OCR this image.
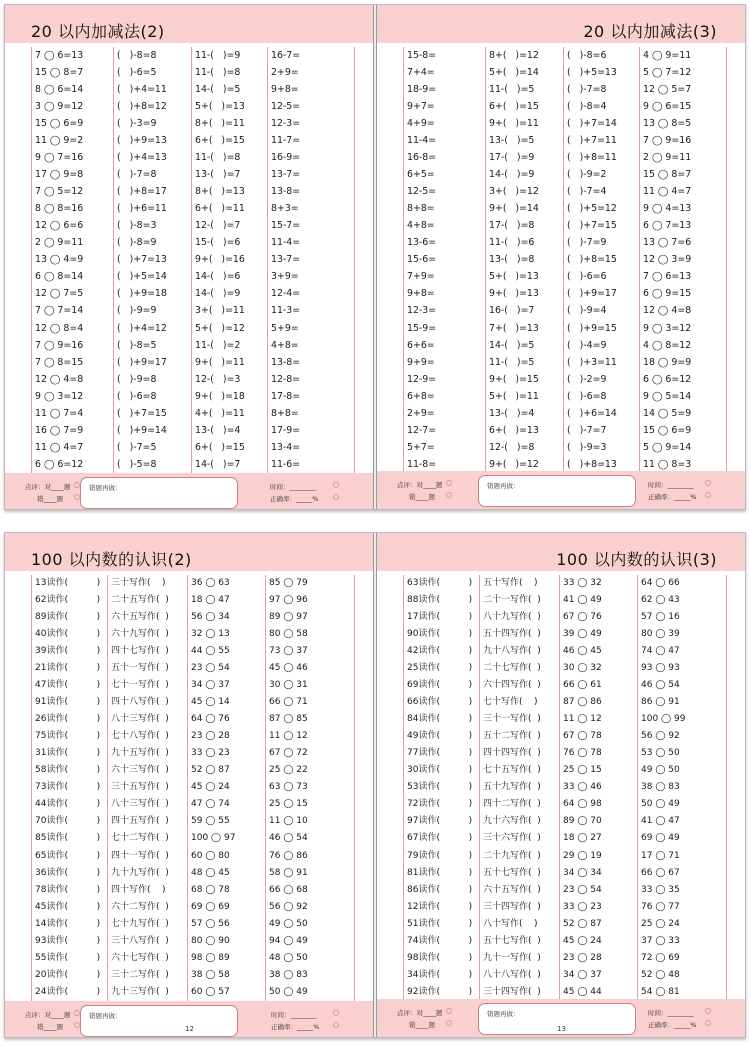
20 以内加减法(2)
7 ◯ 6=13
15 ◯ 8=7
8 ◯ 6=14
3 ◯ 9=12
15 ◯ 6=9
11 ◯ 9=2
9 ◯ 7=16
17 ◯ 9=8
7 ◯ 5=12
8 ◯ 8=16
12 ◯ 6=6
2 ◯ 9=11
13 ◯ 4=9
6 ◯ 8=14
12 ◯ 7=5
7 ◯ 7=14
12 ◯ 8=4
7 ◯ 9=16
7 ◯ 8=15
12 ◯ 4=8
9 ◯ 3=12
11 ◯ 7=4
16 ◯ 7=9
11 ◯ 4=7
6 ◯ 6=12
(   )-8=8
(   )-6=5
(   )+4=11
(   )+8=12
(   )-3=9
(   )+9=13
(   )+4=13
(   )-7=8
(   )+8=17
(   )+6=11
(   )-8=3
(   )-8=9
(   )+7=13
(   )+5=14
(   )+9=18
(   )-9=9
(   )+4=12
(   )-8=5
(   )+9=17
(   )-9=8
(   )-6=8
(   )+7=15
(   )+9=14
(   )-7=5
(   )-5=8
11-(   )=9
11-(   )=8
14-(   )=5
5+(   )=13
8+(   )=11
6+(   )=15
11-(   )=8
13-(   )=7
8+(   )=13
6+(   )=11
12-(   )=7
15-(   )=6
9+(   )=16
14-(   )=6
14-(   )=9
3+(   )=11
5+(   )=12
11-(   )=2
9+(   )=11
12-(   )=3
9+(   )=18
4+(   )=11
13-(   )=4
6+(   )=15
14-(   )=7
16-7=
2+9=
9+8=
12-5=
12-3=
11-7=
16-9=
13-7=
13-8=
8+3=
15-7=
11-4=
13-7=
3+9=
12-4=
11-3=
5+9=
4+8=
13-8=
12-8=
17-8=
8+8=
17-9=
13-4=
11-6=
点评：对____题
错____题
错题再做：	时间：________
正确率：_____%
20 以内加减法(3)
15-8=
7+4=
18-9=
9+7=
4+9=
11-4=
16-8=
6+5=
12-5=
8+8=
4+8=
13-6=
15-6=
7+9=
9+8=
12-3=
15-9=
6+6=
9+9=
12-9=
6+8=
2+9=
12-7=
5+7=
11-8=
8+(   )=12
5+(   )=14
11-(   )=5
6+(   )=15
9+(   )=11
13-(   )=5
17-(   )=9
14-(   )=9
3+(   )=12
9+(   )=14
17-(   )=8
11-(   )=6
13-(   )=8
5+(   )=13
9+(   )=13
16-(   )=7
7+(   )=13
14-(   )=5
11-(   )=5
9+(   )=15
5+(   )=11
13-(   )=4
6+(   )=13
12-(   )=8
9+(   )=12
(   )-8=6
(   )+5=13
(   )-7=8
(   )-8=4
(   )+7=14
(   )+7=11
(   )+8=11
(   )-9=2
(   )-7=4
(   )+5=12
(   )+7=15
(   )-7=9
(   )+8=15
(   )-6=6
(   )+9=17
(   )-9=4
(   )+9=15
(   )-4=9
(   )+3=11
(   )-2=9
(   )-6=8
(   )+6=14
(   )-7=7
(   )-9=3
(   )+8=13
4 ◯ 9=11
5 ◯ 7=12
12 ◯ 5=7
9 ◯ 6=15
13 ◯ 8=5
7 ◯ 9=16
2 ◯ 9=11
15 ◯ 8=7
11 ◯ 4=7
9 ◯ 4=13
6 ◯ 7=13
13 ◯ 7=6
12 ◯ 3=9
7 ◯ 6=13
6 ◯ 9=15
12 ◯ 4=8
9 ◯ 3=12
4 ◯ 8=12
18 ◯ 9=9
6 ◯ 6=12
9 ◯ 5=14
14 ◯ 5=9
15 ◯ 6=9
5 ◯ 9=14
11 ◯ 8=3
点评：对____题
错____题
错题再做：	时间：________
正确率：_____%
100 以内数的认识(2)
13读作(          )
62读作(          )
89读作(          )
40读作(          )
39读作(          )
21读作(          )
47读作(          )
91读作(          )
26读作(          )
75读作(          )
31读作(          )
58读作(          )
73读作(          )
44读作(          )
70读作(          )
85读作(          )
65读作(          )
36读作(          )
78读作(          )
45读作(          )
14读作(          )
93读作(          )
55读作(          )
20读作(          )
24读作(          )
三十写作(    )
二十五写作(  )
六十五写作(  )
六十九写作(  )
四十七写作(  )
五十一写作(  )
七十一写作(  )
四十八写作(  )
八十三写作(  )
七十八写作(  )
九十五写作(  )
六十三写作(  )
三十五写作(  )
八十三写作(  )
四十五写作(  )
七十二写作(  )
四十一写作(  )
九十九写作(  )
四十写作(    )
六十二写作(  )
七十九写作(  )
三十八写作(  )
六十七写作(  )
三十二写作(  )
九十三写作(  )
36 ◯ 63
18 ◯ 47
56 ◯ 34
32 ◯ 13
44 ◯ 55
23 ◯ 54
34 ◯ 37
45 ◯ 14
64 ◯ 76
23 ◯ 28
33 ◯ 23
52 ◯ 87
45 ◯ 24
47 ◯ 74
59 ◯ 55
100 ◯ 97
60 ◯ 80
48 ◯ 45
68 ◯ 78
69 ◯ 69
57 ◯ 56
80 ◯ 90
98 ◯ 89
38 ◯ 58
60 ◯ 57
85 ◯ 79
97 ◯ 96
89 ◯ 97
80 ◯ 58
73 ◯ 37
45 ◯ 46
30 ◯ 31
66 ◯ 71
87 ◯ 85
11 ◯ 12
67 ◯ 72
25 ◯ 22
63 ◯ 73
25 ◯ 15
11 ◯ 10
46 ◯ 54
76 ◯ 86
58 ◯ 91
66 ◯ 68
56 ◯ 92
49 ◯ 50
94 ◯ 49
48 ◯ 50
38 ◯ 83
50 ◯ 49
点评：对____题
错____题
错题再做：	时间：________
正确率：_____%
12
100 以内数的认识(3)
63读作(          )
88读作(          )
17读作(          )
90读作(          )
42读作(          )
25读作(          )
69读作(          )
66读作(          )
84读作(          )
49读作(          )
77读作(          )
30读作(          )
53读作(          )
72读作(          )
97读作(          )
67读作(          )
79读作(          )
81读作(          )
86读作(          )
12读作(          )
51读作(          )
74读作(          )
98读作(          )
34读作(          )
92读作(          )
五十写作(    )
二十一写作(  )
八十九写作(  )
五十四写作(  )
九十八写作(  )
二十七写作(  )
六十四写作(  )
七十写作(    )
三十一写作(  )
五十二写作(  )
四十四写作(  )
七十五写作(  )
五十九写作(  )
四十二写作(  )
九十六写作(  )
三十六写作(  )
二十九写作(  )
五十七写作(  )
六十五写作(  )
三十四写作(  )
八十写作(    )
五十七写作(  )
九十一写作(  )
八十八写作(  )
三十四写作(  )
33 ◯ 32
41 ◯ 49
67 ◯ 76
39 ◯ 49
46 ◯ 45
30 ◯ 32
66 ◯ 61
87 ◯ 86
11 ◯ 12
67 ◯ 78
76 ◯ 78
25 ◯ 15
33 ◯ 46
64 ◯ 98
89 ◯ 70
18 ◯ 27
29 ◯ 19
34 ◯ 34
23 ◯ 54
33 ◯ 23
52 ◯ 87
45 ◯ 24
23 ◯ 28
34 ◯ 37
45 ◯ 44
64 ◯ 66
62 ◯ 43
57 ◯ 16
80 ◯ 39
74 ◯ 47
93 ◯ 93
46 ◯ 54
86 ◯ 91
100 ◯ 99
56 ◯ 92
53 ◯ 50
49 ◯ 50
38 ◯ 83
50 ◯ 49
41 ◯ 47
69 ◯ 49
17 ◯ 71
66 ◯ 67
33 ◯ 35
76 ◯ 77
25 ◯ 24
37 ◯ 33
72 ◯ 69
52 ◯ 48
54 ◯ 81
点评：对____题
错____题
错题再做：	时间：________
正确率：_____%
13
